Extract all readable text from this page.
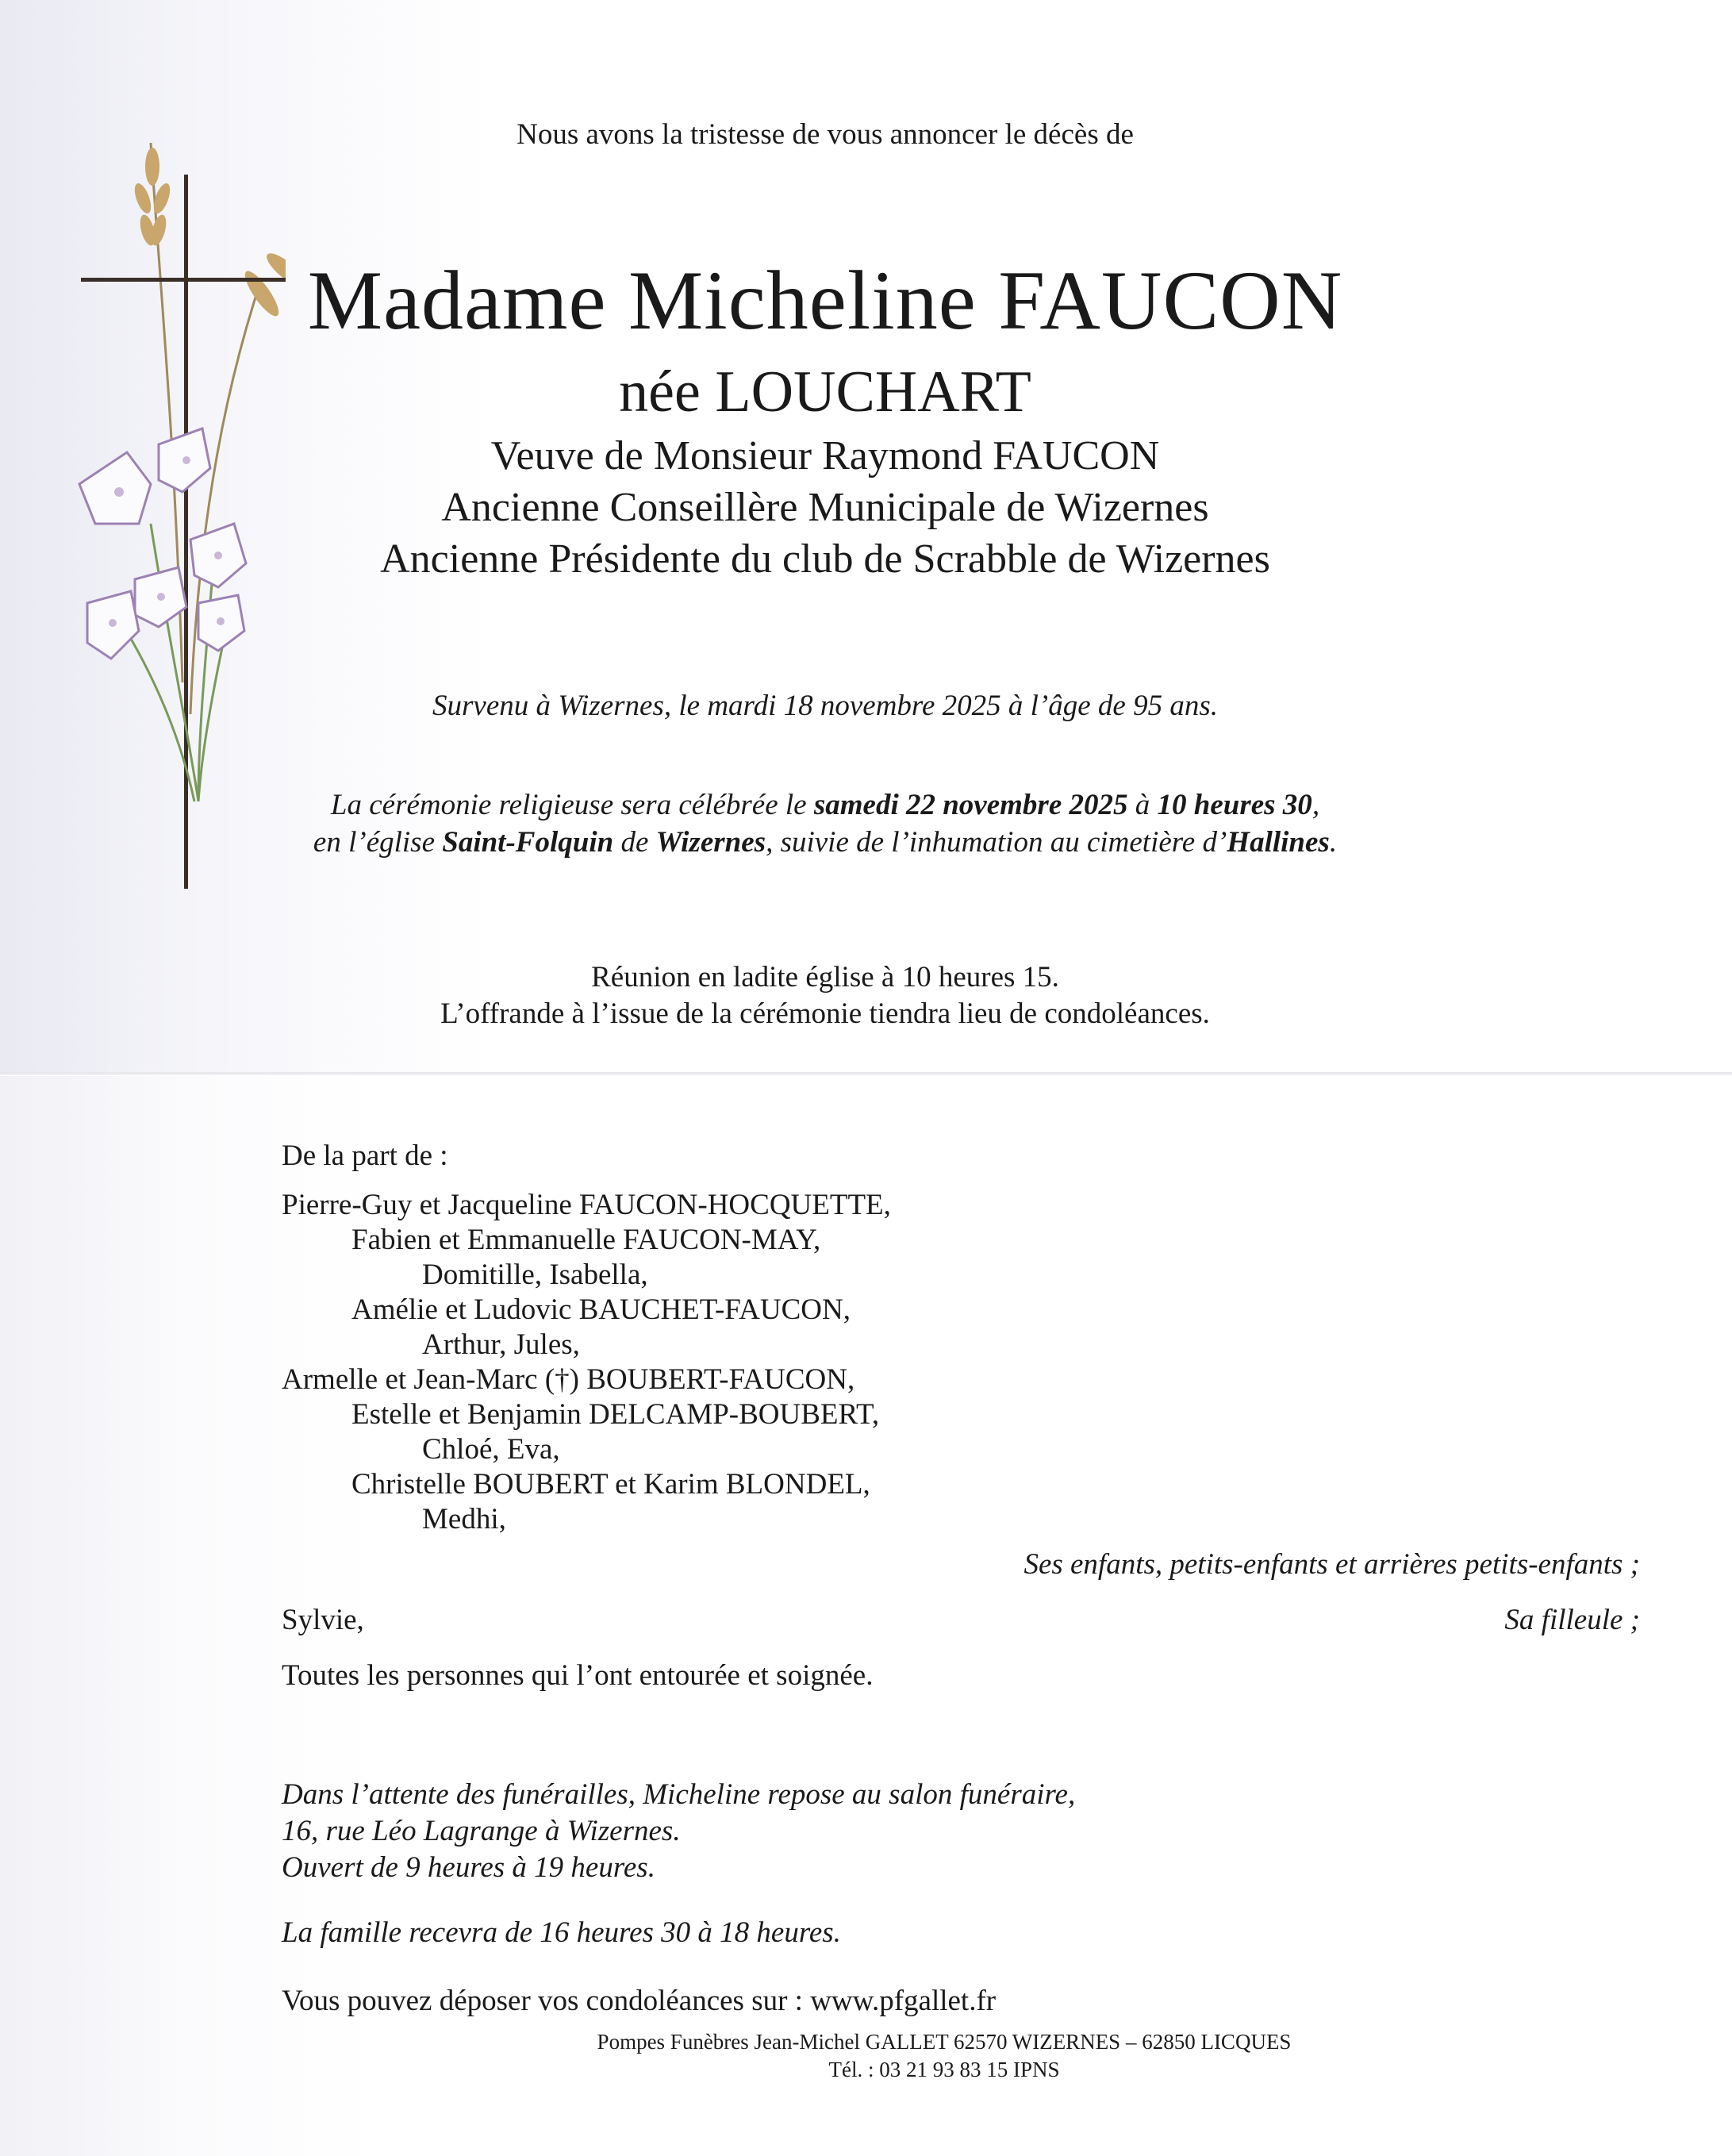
Nous avons la tristesse de vous annoncer le décès de
Madame Micheline FAUCON
née LOUCHART
Veuve de Monsieur Raymond FAUCON
Ancienne Conseillère Municipale de Wizernes
Ancienne Présidente du club de Scrabble de Wizernes
Survenu à Wizernes, le mardi 18 novembre 2025 à l’âge de 95 ans.
La cérémonie religieuse sera célébrée le samedi 22 novembre 2025 à 10 heures 30,
en l’église Saint-Folquin de Wizernes, suivie de l’inhumation au cimetière d’Hallines.
Réunion en ladite église à 10 heures 15.
L’offrande à l’issue de la cérémonie tiendra lieu de condoléances.
De la part de :
Pierre-Guy et Jacqueline FAUCON-HOCQUETTE,
Fabien et Emmanuelle FAUCON-MAY,
Domitille, Isabella,
Amélie et Ludovic BAUCHET-FAUCON,
Arthur, Jules,
Armelle et Jean-Marc (†) BOUBERT-FAUCON,
Estelle et Benjamin DELCAMP-BOUBERT,
Chloé, Eva,
Christelle BOUBERT et Karim BLONDEL,
Medhi,
Ses enfants, petits-enfants et arrières petits-enfants ;
Sylvie,	Sa filleule ;
Toutes les personnes qui l’ont entourée et soignée.
Dans l’attente des funérailles, Micheline repose au salon funéraire,
16, rue Léo Lagrange à Wizernes.
Ouvert de 9 heures à 19 heures.
La famille recevra de 16 heures 30 à 18 heures.
Vous pouvez déposer vos condoléances sur : www.pfgallet.fr
Pompes Funèbres Jean-Michel GALLET 62570 WIZERNES – 62850 LICQUES
Tél. : 03 21 93 83 15 IPNS
